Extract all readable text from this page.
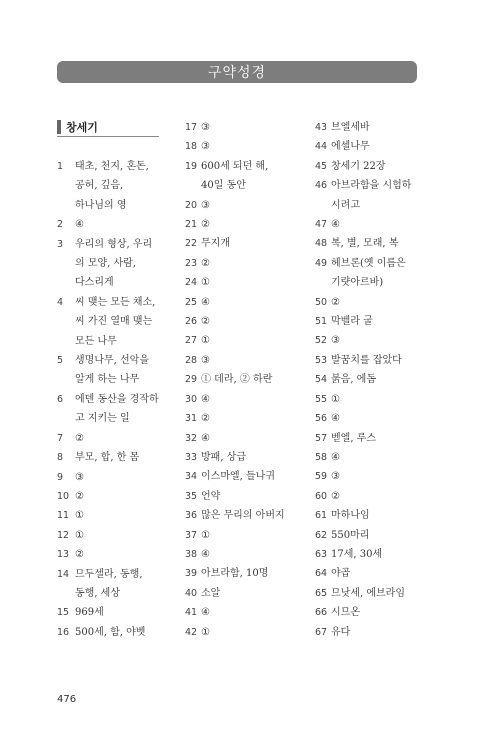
구약성경
창세기
1	태초, 천지, 혼돈,
공허, 깊음,
하나님의 영
2	④
3	우리의 형상, 우리
의 모양, 사람,
다스리게
4	씨 맺는 모든 채소,
씨 가진 열매 맺는
모든 나무
5	생명나무, 선악을
알게 하는 나무
6	에덴 동산을 경작하
고 지키는 일
7	②
8	부모, 합, 한 몸
9	③
10 ②
11 ①
12 ①
13 ②
14 므두셀라, 동행,
동행, 세상
15 969세
16 500세, 함, 야벳
17 ③
18 ③
19 600세 되던 해,
40일 동안
20 ③
21 ②
22 무지개
23 ②
24 ①
25 ④
26 ②
27 ①
28 ③
29 ① 데라, ② 하란
30 ④
31 ②
32 ④
33 방패, 상급
34 이스마엘, 들나귀
35 언약
36 많은 무리의 아버지
37 ①
38 ④
39 아브라함, 10명
40 소알
41 ④
42 ①
43 브엘세바
44 에셀나무
45 창세기 22장
46 아브라함을 시험하
시려고
47 ④
48 복, 별, 모래, 복
49 헤브론(옛 이름은
기럇아르바)
50 ②
51 막벨라 굴
52 ③
53 발꿈치를 잡았다
54 붉음, 에돔
55 ①
56 ④
57 벧엘, 루스
58 ④
59 ③
60 ②
61 마하나임
62 550마리
63 17세, 30세
64 야곱
65 므낫세, 에브라임
66 시므온
67 유다
476
